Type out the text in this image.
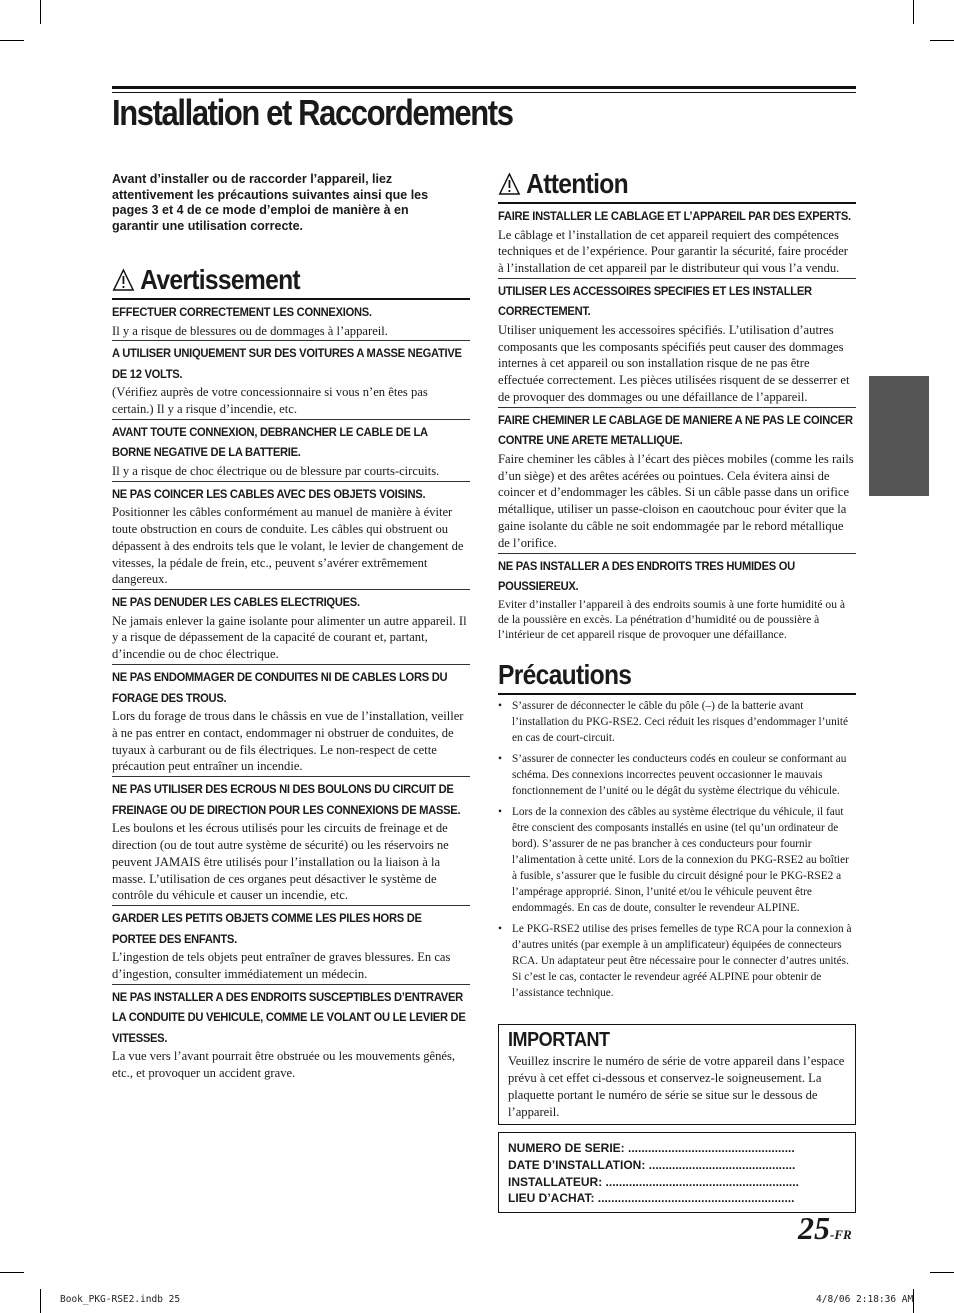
Installation et Raccordements
Avant d’installer ou de raccorder l’appareil, liez attentivement les précautions suivantes ainsi que les pages 3 et 4 de ce mode d’emploi de manière à en garantir une utilisation correcte.
Avertissement
EFFECTUER CORRECTEMENT LES CONNEXIONS.
Il y a risque de blessures ou de dommages à l’appareil.
A UTILISER UNIQUEMENT SUR DES VOITURES A MASSE NEGATIVE DE 12 VOLTS.
(Vérifiez auprès de votre concessionnaire si vous n’en êtes pas certain.) Il y a risque d’incendie, etc.
AVANT TOUTE CONNEXION, DEBRANCHER LE CABLE DE LA BORNE NEGATIVE DE LA BATTERIE.
Il y a risque de choc électrique ou de blessure par courts-circuits.
NE PAS COINCER LES CABLES AVEC DES OBJETS VOISINS.
Positionner les câbles conformément au manuel de manière à éviter toute obstruction en cours de conduite. Les câbles qui obstruent ou dépassent à des endroits tels que le volant, le levier de changement de vitesses, la pédale de frein, etc., peuvent s’avérer extrêmement dangereux.
NE PAS DENUDER LES CABLES ELECTRIQUES.
Ne jamais enlever la gaine isolante pour alimenter un autre appareil. Il y a risque de dépassement de la capacité de courant et, partant, d’incendie ou de choc électrique.
NE PAS ENDOMMAGER DE CONDUITES NI DE CABLES LORS DU FORAGE DES TROUS.
Lors du forage de trous dans le châssis en vue de l’installation, veiller à ne pas entrer en contact, endommager ni obstruer de conduites, de tuyaux à carburant ou de fils électriques. Le non-respect de cette précaution peut entraîner un incendie.
NE PAS UTILISER DES ECROUS NI DES BOULONS DU CIRCUIT DE FREINAGE OU DE DIRECTION POUR LES CONNEXIONS DE MASSE.
Les boulons et les écrous utilisés pour les circuits de freinage et de direction (ou de tout autre système de sécurité) ou les réservoirs ne peuvent JAMAIS être utilisés pour l’installation ou la liaison à la masse. L’utilisation de ces organes peut désactiver le système de contrôle du véhicule et causer un incendie, etc.
GARDER LES PETITS OBJETS COMME LES PILES HORS DE PORTEE DES ENFANTS.
L’ingestion de tels objets peut entraîner de graves blessures. En cas d’ingestion, consulter immédiatement un médecin.
NE PAS INSTALLER A DES ENDROITS SUSCEPTIBLES D’ENTRAVER LA CONDUITE DU VEHICULE, COMME LE VOLANT OU LE LEVIER DE VITESSES.
La vue vers l’avant pourrait être obstruée ou les mouvements gênés, etc., et provoquer un accident grave.
Attention
FAIRE INSTALLER LE CABLAGE ET L’APPAREIL PAR DES EXPERTS.
Le câblage et l’installation de cet appareil requiert des compétences techniques et de l’expérience. Pour garantir la sécurité, faire procéder à l’installation de cet appareil par le distributeur qui vous l’a vendu.
UTILISER LES ACCESSOIRES SPECIFIES ET LES INSTALLER CORRECTEMENT.
Utiliser uniquement les accessoires spécifiés. L’utilisation d’autres composants que les composants spécifiés peut causer des dommages internes à cet appareil ou son installation risque de ne pas être effectuée correctement. Les pièces utilisées risquent de se desserrer et de provoquer des dommages ou une défaillance de l’appareil.
FAIRE CHEMINER LE CABLAGE DE MANIERE A NE PAS LE COINCER CONTRE UNE ARETE METALLIQUE.
Faire cheminer les câbles à l’écart des pièces mobiles (comme les rails d’un siège) et des arêtes acérées ou pointues. Cela évitera ainsi de coincer et d’endommager les câbles. Si un câble passe dans un orifice métallique, utiliser un passe-cloison en caoutchouc pour éviter que la gaine isolante du câble ne soit endommagée par le rebord métallique de l’orifice.
NE PAS INSTALLER A DES ENDROITS TRES HUMIDES OU POUSSIEREUX.
Eviter d’installer l’appareil à des endroits soumis à une forte humidité ou à de la poussière en excès. La pénétration d’humidité ou de poussière à l’intérieur de cet appareil risque de provoquer une défaillance.
Précautions
• S’assurer de déconnecter le câble du pôle (–) de la batterie avant l’installation du PKG-RSE2. Ceci réduit les risques d’endommager l’unité en cas de court-circuit.
• S’assurer de connecter les conducteurs codés en couleur se conformant au schéma. Des connexions incorrectes peuvent occasionner le mauvais fonctionnement de l’unité ou le dégât du système électrique du véhicule.
• Lors de la connexion des câbles au système électrique du véhicule, il faut être conscient des composants installés en usine (tel qu’un ordinateur de bord). S’assurer de ne pas brancher à ces conducteurs pour fournir l’alimentation à cette unité. Lors de la connexion du PKG-RSE2 au boîtier à fusible, s’assurer que le fusible du circuit désigné pour le PKG-RSE2 a l’ampérage approprié. Sinon, l’unité et/ou le véhicule peuvent être endommagés. En cas de doute, consulter le revendeur ALPINE.
• Le PKG-RSE2 utilise des prises femelles de type RCA pour la connexion à d’autres unités (par exemple à un amplificateur) équipées de connecteurs RCA. Un adaptateur peut être nécessaire pour le connecter d’autres unités. Si c’est le cas, contacter le revendeur agréé ALPINE pour obtenir de l’assistance technique.
IMPORTANT
Veuillez inscrire le numéro de série de votre appareil dans l’espace prévu à cet effet ci-dessous et conservez-le soigneusement. La plaquette portant le numéro de série se situe sur le dessous de l’appareil.
NUMERO DE SERIE: ..................................................
DATE D’INSTALLATION: ............................................
INSTALLATEUR: ..........................................................
LIEU D’ACHAT: ...........................................................
25-FR
Book_PKG-RSE2.indb 25	4/8/06 2:18:36 AM
